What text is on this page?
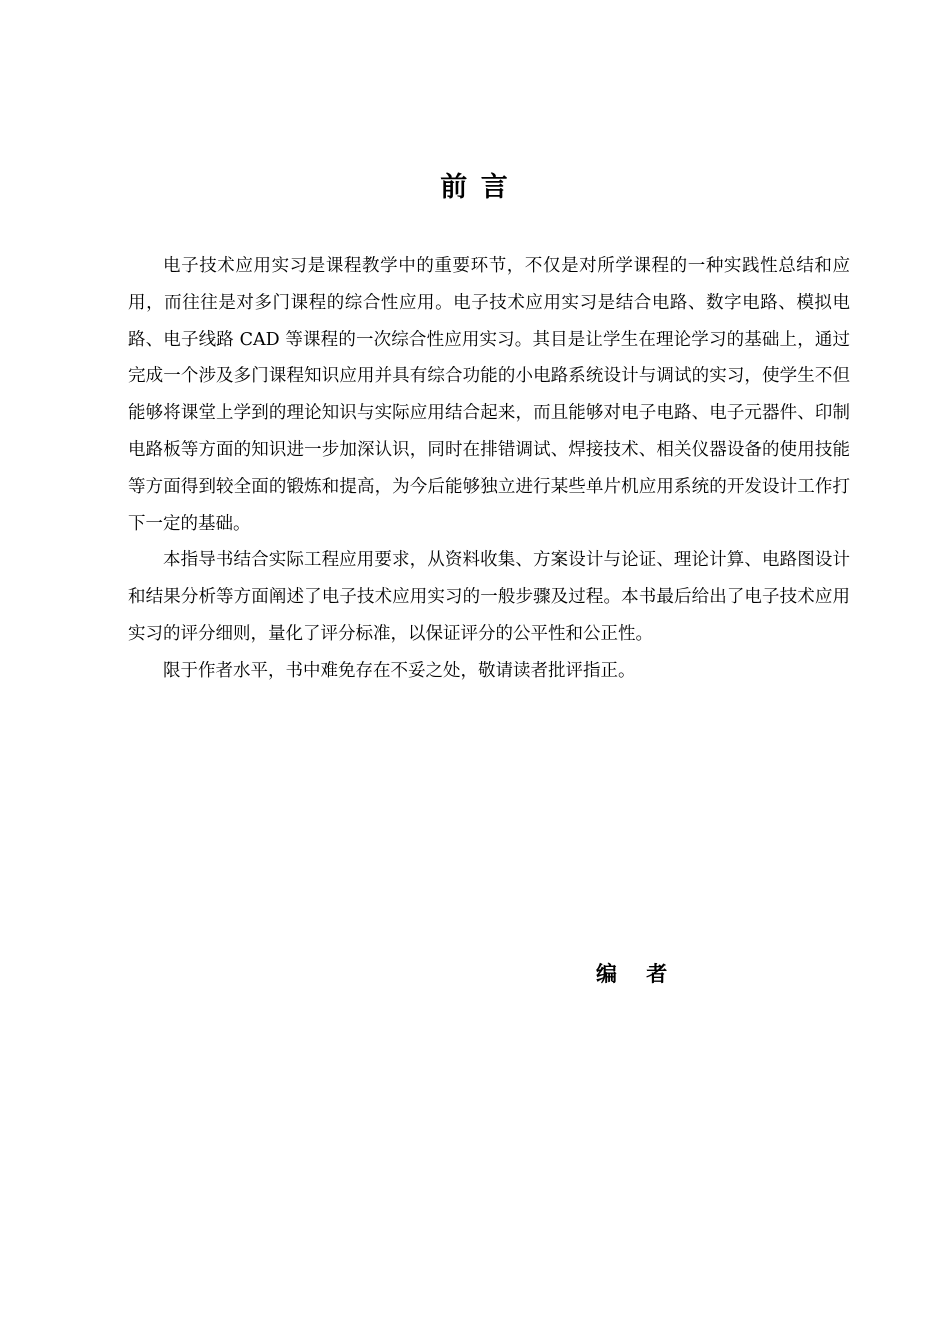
前 言

电子技术应用实习是课程教学中的重要环节，不仅是对所学课程的一种实践性总结和应用，而往往是对多门课程的综合性应用。电子技术应用实习是结合电路、数字电路、模拟电路、电子线路 CAD 等课程的一次综合性应用实习。其目是让学生在理论学习的基础上，通过完成一个涉及多门课程知识应用并具有综合功能的小电路系统设计与调试的实习，使学生不但能够将课堂上学到的理论知识与实际应用结合起来，而且能够对电子电路、电子元器件、印制电路板等方面的知识进一步加深认识，同时在排错调试、焊接技术、相关仪器设备的使用技能等方面得到较全面的锻炼和提高，为今后能够独立进行某些单片机应用系统的开发设计工作打下一定的基础。

本指导书结合实际工程应用要求，从资料收集、方案设计与论证、理论计算、电路图设计和结果分析等方面阐述了电子技术应用实习的一般步骤及过程。本书最后给出了电子技术应用实习的评分细则，量化了评分标准，以保证评分的公平性和公正性。

限于作者水平，书中难免存在不妥之处，敬请读者批评指正。

编    者
